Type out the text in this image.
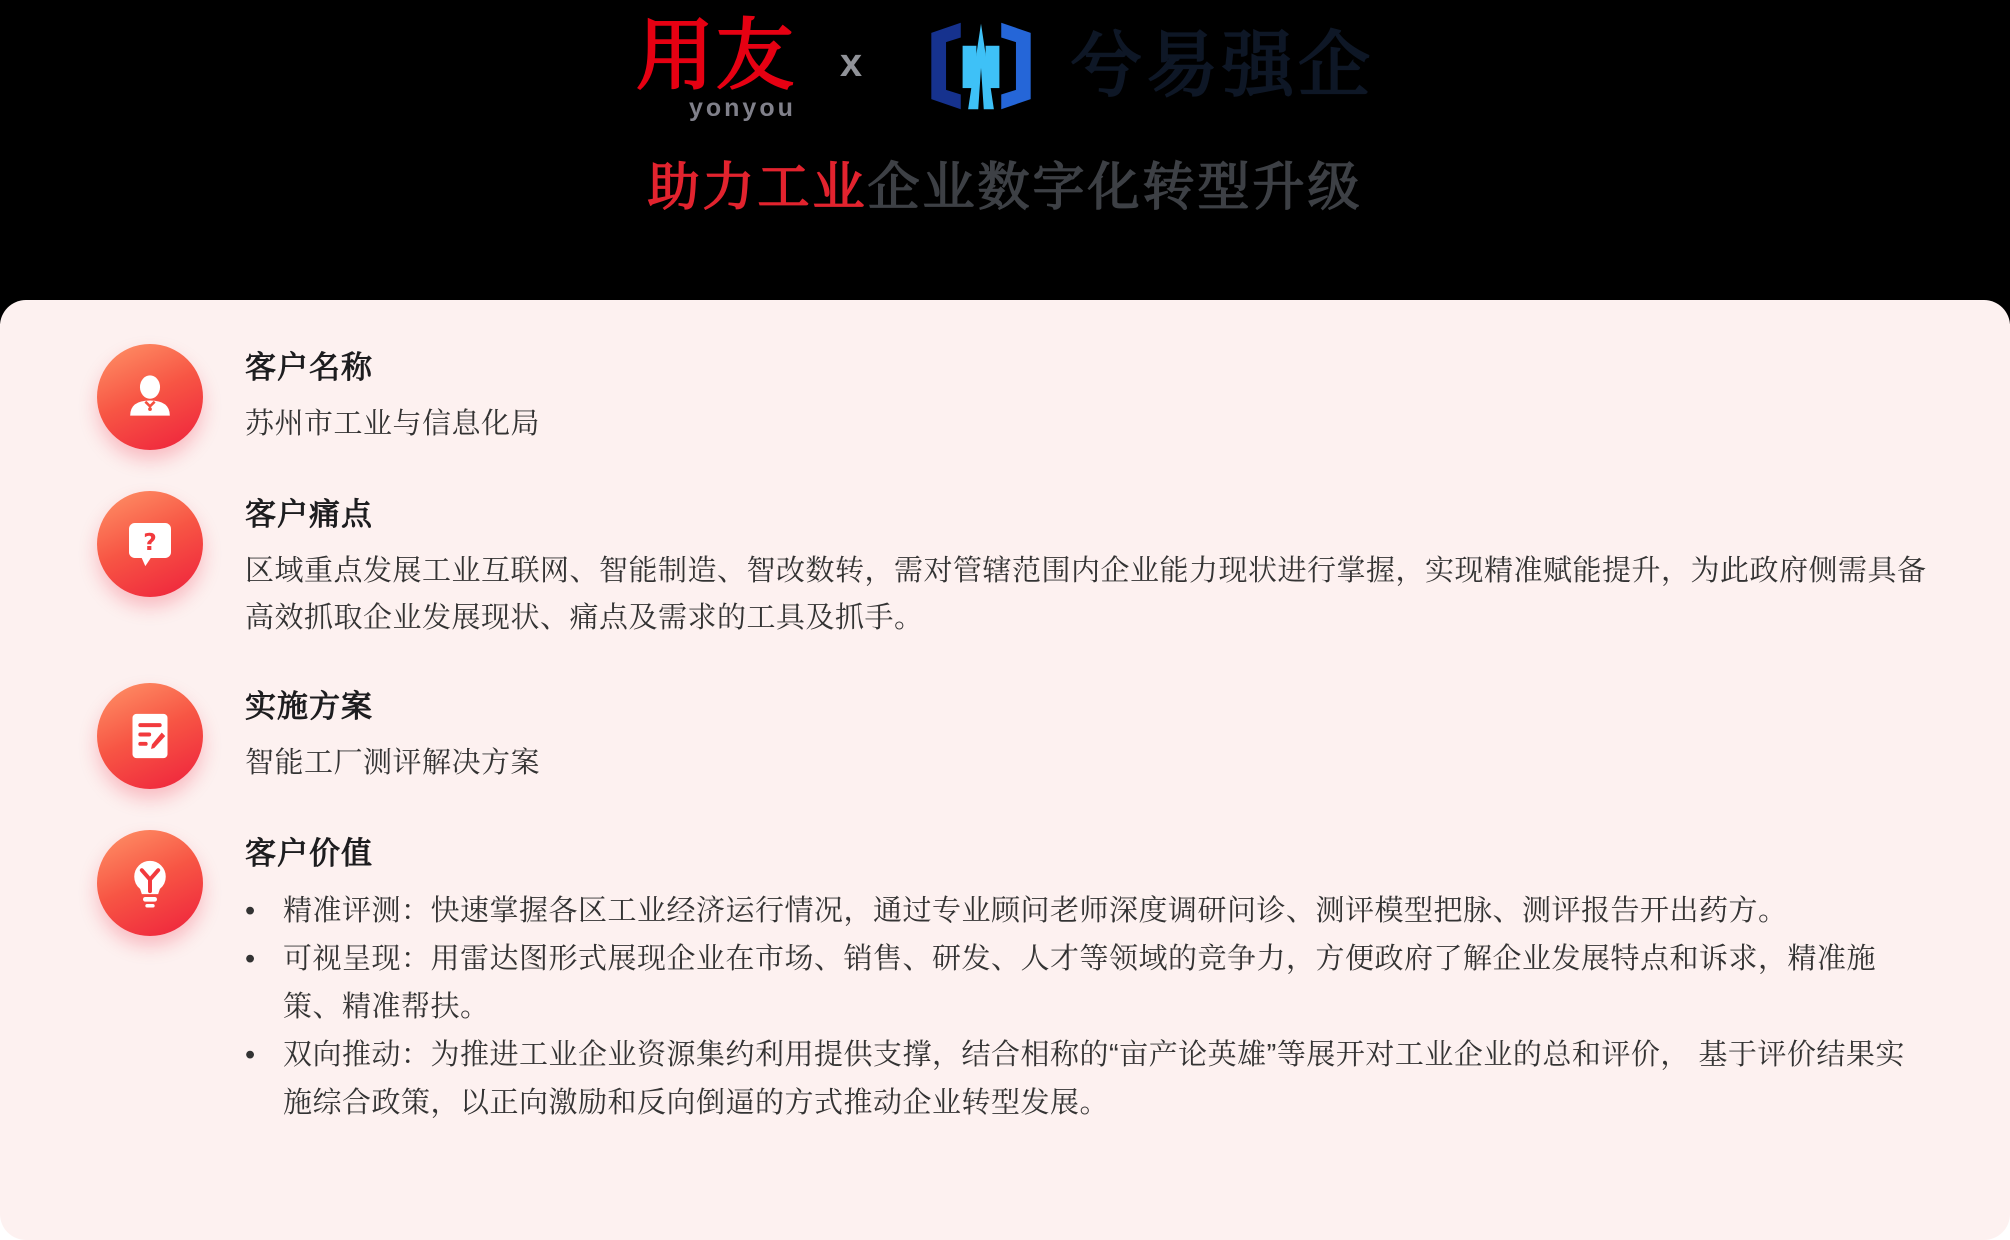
用友
yonyou
x	兮易强企
助力工业企业数字化转型升级
客户名称
苏州市工业与信息化局
?
客户痛点
区域重点发展工业互联网、智能制造、智改数转，需对管辖范围内企业能力现状进行掌握，实现精准赋能提升，为此政府侧需具备高效抓取企业发展现状、痛点及需求的工具及抓手。
实施方案
智能工厂测评解决方案
客户价值
• 精准评测：快速掌握各区工业经济运行情况，通过专业顾问老师深度调研问诊、测评模型把脉、测评报告开出药方。
• 可视呈现：用雷达图形式展现企业在市场、销售、研发、人才等领域的竞争力，方便政府了解企业发展特点和诉求，精准施策、精准帮扶。
• 双向推动：为推进工业企业资源集约利用提供支撑，结合相称的“亩产论英雄”等展开对工业企业的总和评价， 基于评价结果实施综合政策，以正向激励和反向倒逼的方式推动企业转型发展。
